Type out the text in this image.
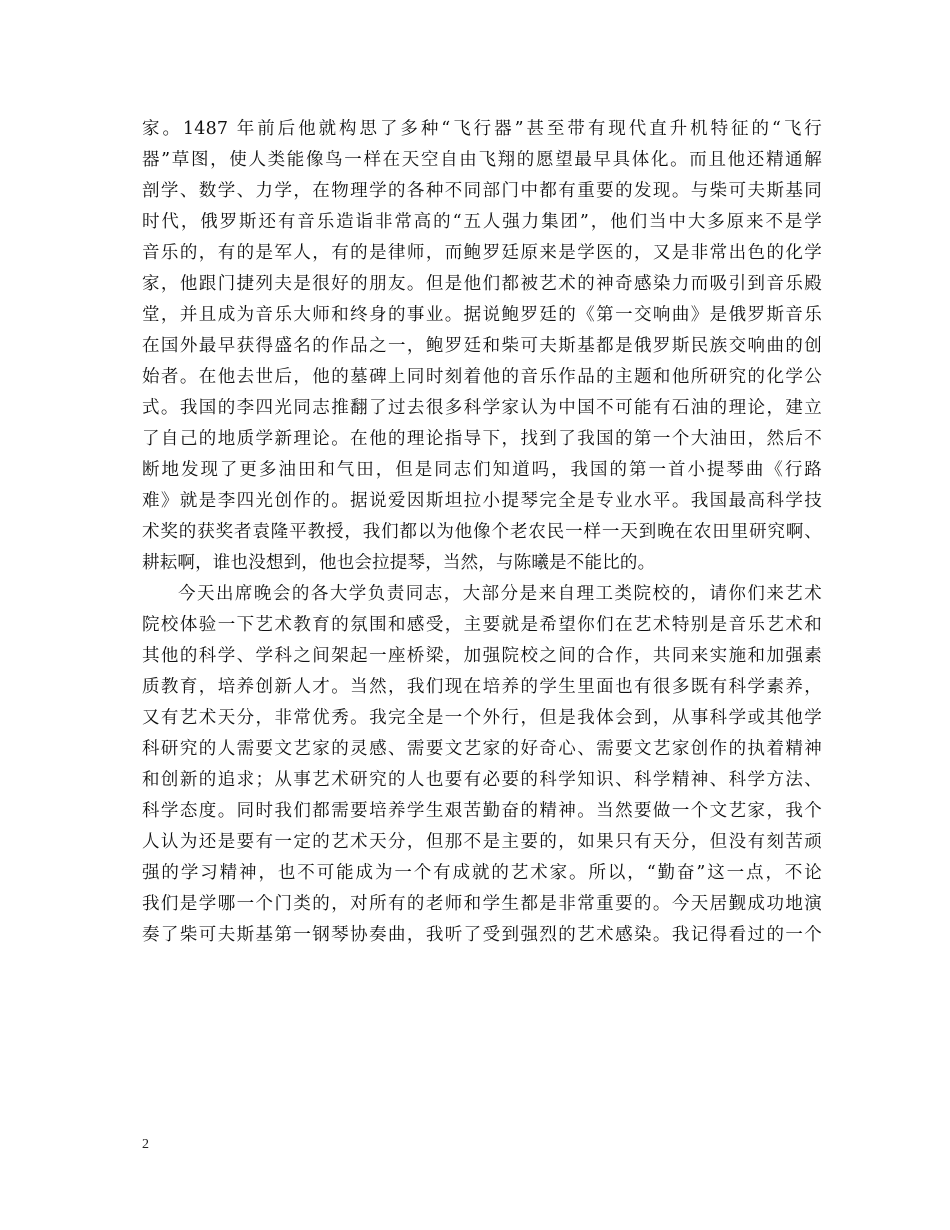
家。1487 年前后他就构思了多种“飞行器”甚至带有现代直升机特征的“飞行
器”草图，使人类能像鸟一样在天空自由飞翔的愿望最早具体化。而且他还精通解
剖学、数学、力学，在物理学的各种不同部门中都有重要的发现。与柴可夫斯基同
时代，俄罗斯还有音乐造诣非常高的“五人强力集团”，他们当中大多原来不是学
音乐的，有的是军人，有的是律师，而鲍罗廷原来是学医的，又是非常出色的化学
家，他跟门捷列夫是很好的朋友。但是他们都被艺术的神奇感染力而吸引到音乐殿
堂，并且成为音乐大师和终身的事业。据说鲍罗廷的《第一交响曲》是俄罗斯音乐
在国外最早获得盛名的作品之一，鲍罗廷和柴可夫斯基都是俄罗斯民族交响曲的创
始者。在他去世后，他的墓碑上同时刻着他的音乐作品的主题和他所研究的化学公
式。我国的李四光同志推翻了过去很多科学家认为中国不可能有石油的理论，建立
了自己的地质学新理论。在他的理论指导下，找到了我国的第一个大油田，然后不
断地发现了更多油田和气田，但是同志们知道吗，我国的第一首小提琴曲《行路
难》就是李四光创作的。据说爱因斯坦拉小提琴完全是专业水平。我国最高科学技
术奖的获奖者袁隆平教授，我们都以为他像个老农民一样一天到晚在农田里研究啊、
耕耘啊，谁也没想到，他也会拉提琴，当然，与陈曦是不能比的。
今天出席晚会的各大学负责同志，大部分是来自理工类院校的，请你们来艺术
院校体验一下艺术教育的氛围和感受，主要就是希望你们在艺术特别是音乐艺术和
其他的科学、学科之间架起一座桥梁，加强院校之间的合作，共同来实施和加强素
质教育，培养创新人才。当然，我们现在培养的学生里面也有很多既有科学素养，
又有艺术天分，非常优秀。我完全是一个外行，但是我体会到，从事科学或其他学
科研究的人需要文艺家的灵感、需要文艺家的好奇心、需要文艺家创作的执着精神
和创新的追求；从事艺术研究的人也要有必要的科学知识、科学精神、科学方法、
科学态度。同时我们都需要培养学生艰苦勤奋的精神。当然要做一个文艺家，我个
人认为还是要有一定的艺术天分，但那不是主要的，如果只有天分，但没有刻苦顽
强的学习精神，也不可能成为一个有成就的艺术家。所以，“勤奋”这一点，不论
我们是学哪一个门类的，对所有的老师和学生都是非常重要的。今天居觐成功地演
奏了柴可夫斯基第一钢琴协奏曲，我听了受到强烈的艺术感染。我记得看过的一个
2
